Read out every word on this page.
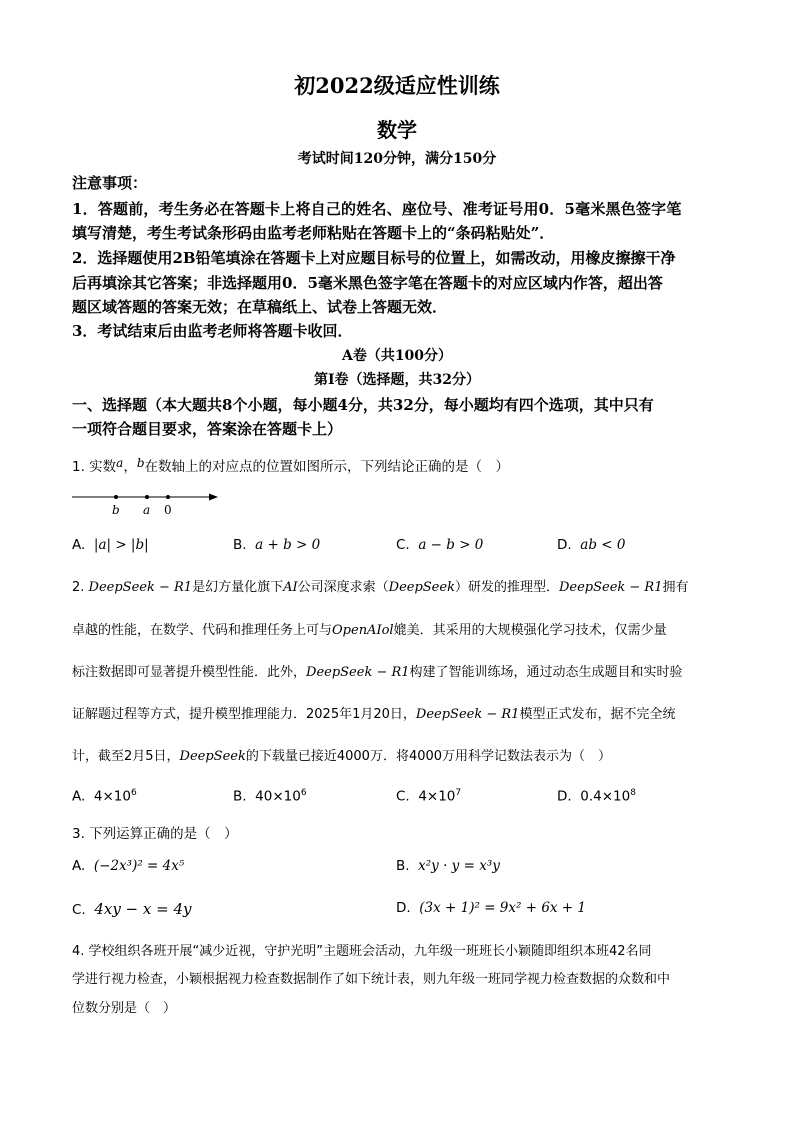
初2022级适应性训练
数学
考试时间120分钟，满分150分
注意事项：
1．答题前，考生务必在答题卡上将自己的姓名、座位号、准考证号用0．5毫米黑色签字笔
填写清楚，考生考试条形码由监考老师粘贴在答题卡上的“条码粘贴处”．
2．选择题使用2B铅笔填涂在答题卡上对应题目标号的位置上，如需改动，用橡皮擦擦干净
后再填涂其它答案；非选择题用0．5毫米黑色签字笔在答题卡的对应区域内作答，超出答
题区域答题的答案无效；在草稿纸上、试卷上答题无效．
3．考试结束后由监考老师将答题卡收回．
A卷（共100分）
第Ⅰ卷（选择题，共32分）
一、选择题（本大题共8个小题，每小题4分，共32分，每小题均有四个选项，其中只有
一项符合题目要求，答案涂在答题卡上）
1. 实数a，b在数轴上的对应点的位置如图所示，下列结论正确的是（　）
b a 0
A. |a| > |b|	B. a + b > 0	C. a − b > 0	D. ab < 0
2. DeepSeek − R1是幻方量化旗下AI公司深度求索（DeepSeek）研发的推理型．DeepSeek − R1拥有
卓越的性能，在数学、代码和推理任务上可与OpenAIol媲美．其采用的大规模强化学习技术，仅需少量
标注数据即可显著提升模型性能．此外，DeepSeek − R1构建了智能训练场，通过动态生成题目和实时验
证解题过程等方式，提升模型推理能力．2025年1月20日，DeepSeek − R1模型正式发布，据不完全统
计，截至2月5日，DeepSeek的下载量已接近4000万．将4000万用科学记数法表示为（　）
A. $4\times 10^6$	B. $40\times 10^6$	C. $4\times 10^7$	D. $0.4\times 10^8$
3. 下列运算正确的是（　）
A. (−2x³)² = 4x⁵	B. x²y · y = x³y
C. 4xy − x = 4y	D. (3x + 1)² = 9x² + 6x + 1
4. 学校组织各班开展“减少近视，守护光明”主题班会活动，九年级一班班长小颖随即组织本班42名同
学进行视力检查，小颖根据视力检查数据制作了如下统计表，则九年级一班同学视力检查数据的众数和中
位数分别是（　）
